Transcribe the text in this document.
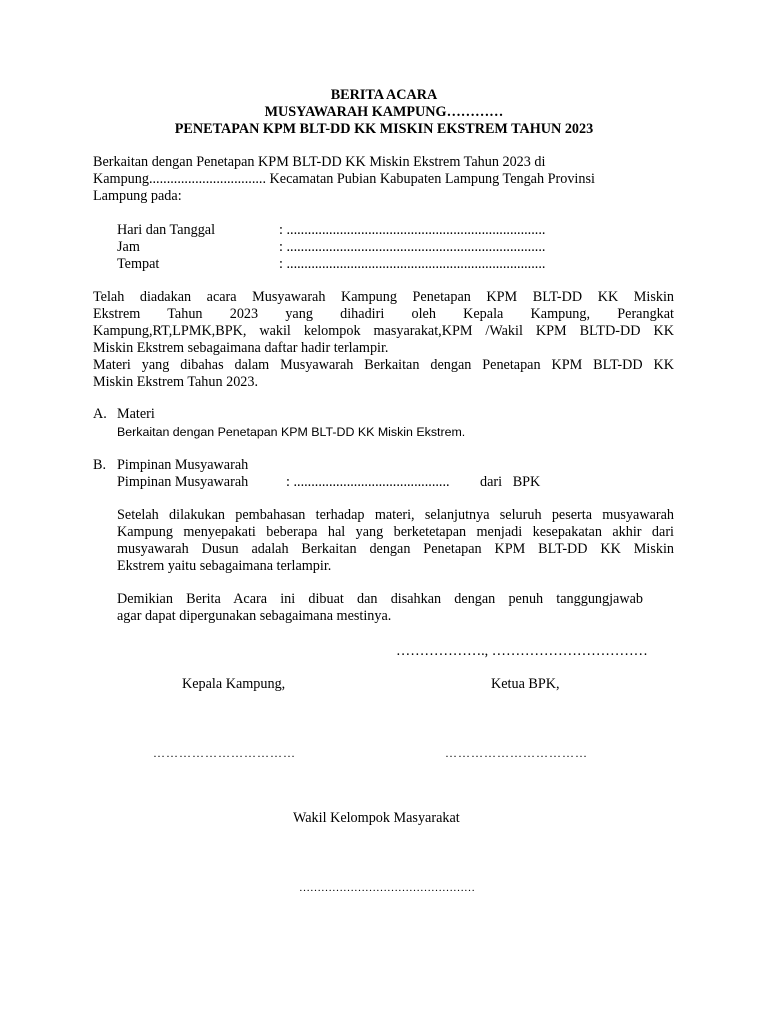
BERITA ACARA
MUSYAWARAH KAMPUNG…………
PENETAPAN KPM BLT-DD KK MISKIN EKSTREM TAHUN 2023
Berkaitan dengan Penetapan KPM BLT-DD KK Miskin Ekstrem Tahun 2023 di
Kampung................................. Kecamatan Pubian Kabupaten Lampung Tengah Provinsi
Lampung pada:
Hari dan Tanggal	: .........................................................................
Jam	: .........................................................................
Tempat	: .........................................................................
Telah diadakan acara Musyawarah Kampung Penetapan KPM BLT-DD KK Miskin
Ekstrem Tahun 2023 yang dihadiri oleh Kepala Kampung, Perangkat
Kampung,RT,LPMK,BPK, wakil kelompok masyarakat,KPM /Wakil KPM BLTD-DD KK
Miskin Ekstrem sebagaimana daftar hadir terlampir.
Materi yang dibahas dalam Musyawarah Berkaitan dengan Penetapan KPM BLT-DD KK
Miskin Ekstrem Tahun 2023.
A. Materi
Berkaitan dengan Penetapan KPM BLT-DD KK Miskin Ekstrem.
B. Pimpinan Musyawarah
Pimpinan Musyawarah	: ............................................ dari   BPK
Setelah dilakukan pembahasan terhadap materi, selanjutnya seluruh peserta musyawarah
Kampung menyepakati beberapa hal yang berketetapan menjadi kesepakatan akhir dari
musyawarah Dusun adalah Berkaitan dengan Penetapan KPM BLT-DD KK Miskin
Ekstrem yaitu sebagaimana terlampir.
Demikian Berita Acara ini dibuat dan disahkan dengan penuh tanggungjawab
agar dapat dipergunakan sebagaimana mestinya.
………………., ……………………………
Kepala Kampung,	Ketua BPK,
……………………………	……………………………
Wakil Kelompok Masyarakat
…………………………………………
